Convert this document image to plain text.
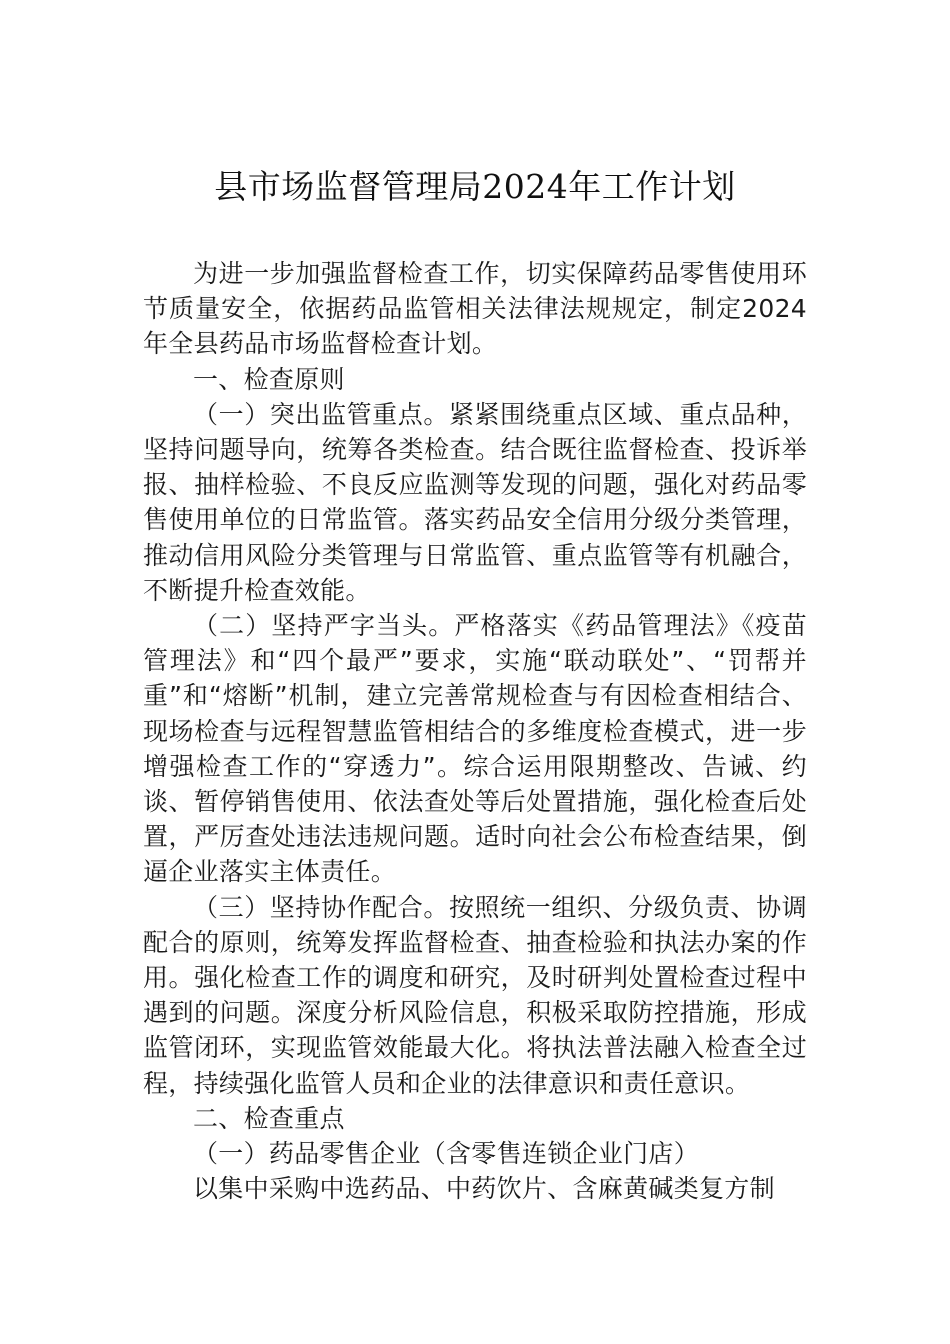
县市场监督管理局2024年工作计划

为进一步加强监督检查工作，切实保障药品零售使用环节质量安全，依据药品监管相关法律法规规定，制定2024年全县药品市场监督检查计划。

一、检查原则

（一）突出监管重点。紧紧围绕重点区域、重点品种，坚持问题导向，统筹各类检查。结合既往监督检查、投诉举报、抽样检验、不良反应监测等发现的问题，强化对药品零售使用单位的日常监管。落实药品安全信用分级分类管理，推动信用风险分类管理与日常监管、重点监管等有机融合，不断提升检查效能。

（二）坚持严字当头。严格落实《药品管理法》《疫苗管理法》和“四个最严”要求，实施“联动联处”、“罚帮并重”和“熔断”机制，建立完善常规检查与有因检查相结合、现场检查与远程智慧监管相结合的多维度检查模式，进一步增强检查工作的“穿透力”。综合运用限期整改、告诫、约谈、暂停销售使用、依法查处等后处置措施，强化检查后处置，严厉查处违法违规问题。适时向社会公布检查结果，倒逼企业落实主体责任。

（三）坚持协作配合。按照统一组织、分级负责、协调配合的原则，统筹发挥监督检查、抽查检验和执法办案的作用。强化检查工作的调度和研究，及时研判处置检查过程中遇到的问题。深度分析风险信息，积极采取防控措施，形成监管闭环，实现监管效能最大化。将执法普法融入检查全过程，持续强化监管人员和企业的法律意识和责任意识。

二、检查重点

（一）药品零售企业（含零售连锁企业门店）

以集中采购中选药品、中药饮片、含麻黄碱类复方制
